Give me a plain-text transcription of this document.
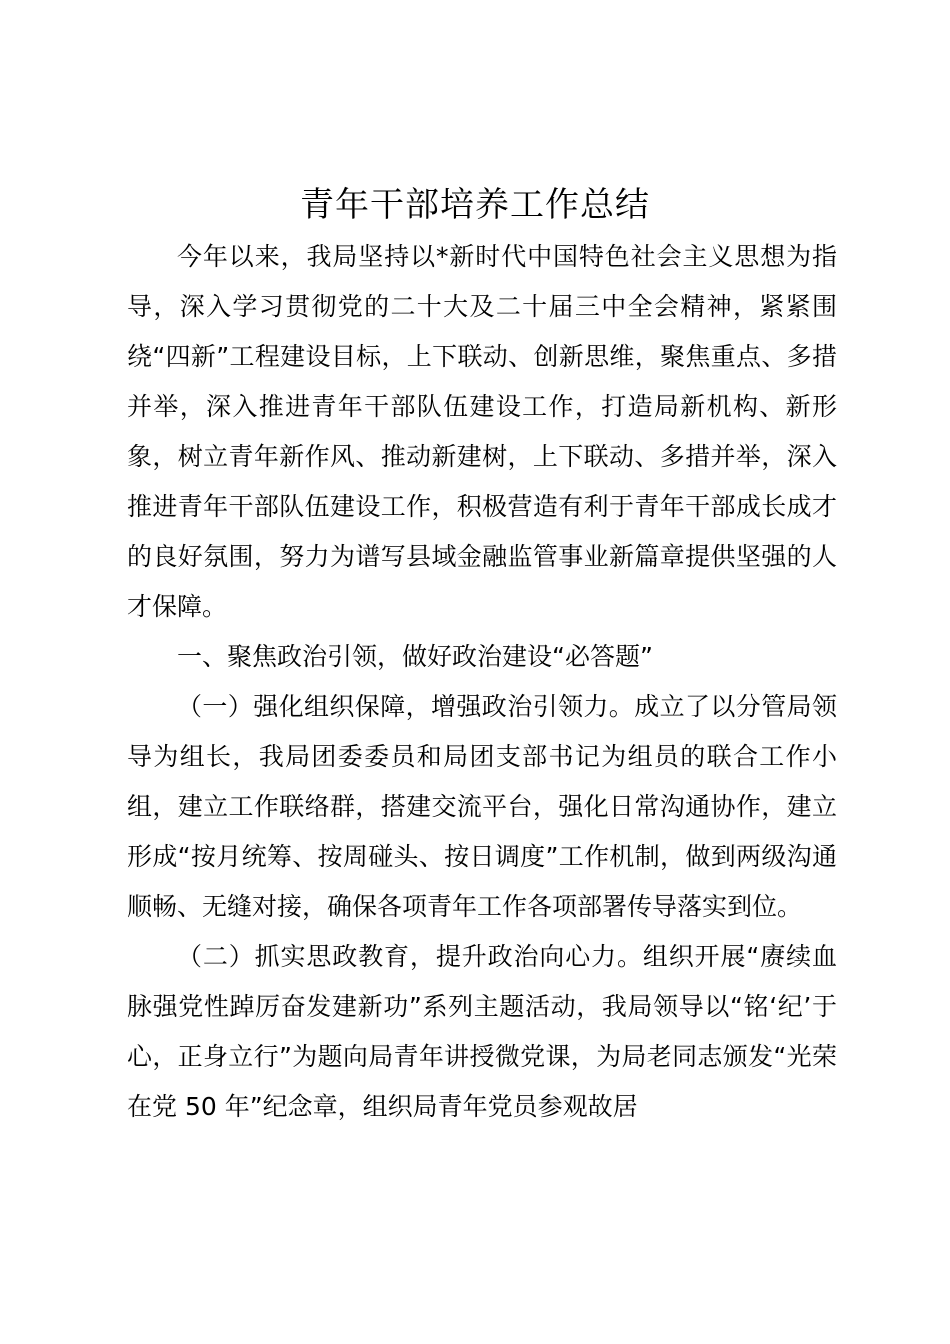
青年干部培养工作总结

今年以来，我局坚持以*新时代中国特色社会主义思想为指导，深入学习贯彻党的二十大及二十届三中全会精神，紧紧围绕“四新”工程建设目标，上下联动、创新思维，聚焦重点、多措并举，深入推进青年干部队伍建设工作，打造局新机构、新形象，树立青年新作风、推动新建树，上下联动、多措并举，深入推进青年干部队伍建设工作，积极营造有利于青年干部成长成才的良好氛围，努力为谱写县域金融监管事业新篇章提供坚强的人才保障。

一、聚焦政治引领，做好政治建设“必答题”

（一）强化组织保障，增强政治引领力。成立了以分管局领导为组长，我局团委委员和局团支部书记为组员的联合工作小组，建立工作联络群，搭建交流平台，强化日常沟通协作，建立形成“按月统筹、按周碰头、按日调度”工作机制，做到两级沟通顺畅、无缝对接，确保各项青年工作各项部署传导落实到位。

（二）抓实思政教育，提升政治向心力。组织开展“赓续血脉强党性踔厉奋发建新功”系列主题活动，我局领导以“铭‘纪’于心，正身立行”为题向局青年讲授微党课，为局老同志颁发“光荣在党 50 年”纪念章，组织局青年党员参观故居
